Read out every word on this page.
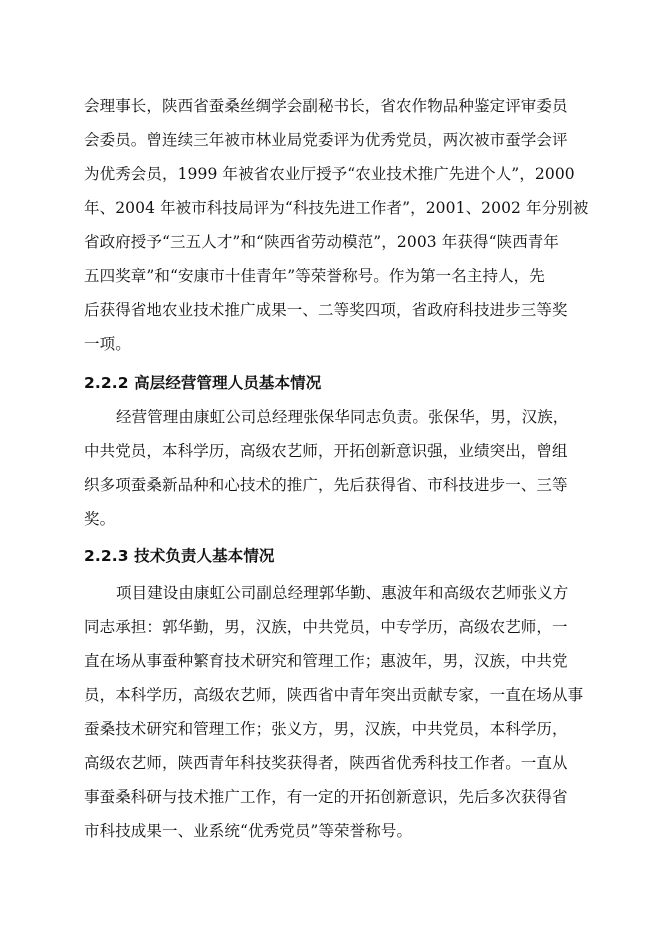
会理事长，陕西省蚕桑丝绸学会副秘书长，省农作物品种鉴定评审委员
会委员。曾连续三年被市林业局党委评为优秀党员，两次被市蚕学会评
为优秀会员，1999 年被省农业厅授予“农业技术推广先进个人”，2000
年、2004 年被市科技局评为“科技先进工作者”，2001、2002 年分别被
省政府授予“三五人才”和“陕西省劳动模范”，2003 年获得“陕西青年
五四奖章”和“安康市十佳青年”等荣誉称号。作为第一名主持人，先
后获得省地农业技术推广成果一、二等奖四项，省政府科技进步三等奖
一项。
2.2.2 高层经营管理人员基本情况
经营管理由康虹公司总经理张保华同志负责。张保华，男，汉族，
中共党员，本科学历，高级农艺师，开拓创新意识强，业绩突出，曾组
织多项蚕桑新品种和心技术的推广，先后获得省、市科技进步一、三等
奖。
2.2.3 技术负责人基本情况
项目建设由康虹公司副总经理郭华勤、惠波年和高级农艺师张义方
同志承担：郭华勤，男，汉族，中共党员，中专学历，高级农艺师，一
直在场从事蚕种繁育技术研究和管理工作；惠波年，男，汉族，中共党
员，本科学历，高级农艺师，陕西省中青年突出贡献专家，一直在场从事
蚕桑技术研究和管理工作；张义方，男，汉族，中共党员，本科学历，
高级农艺师，陕西青年科技奖获得者，陕西省优秀科技工作者。一直从
事蚕桑科研与技术推广工作，有一定的开拓创新意识，先后多次获得省
市科技成果一、业系统“优秀党员”等荣誉称号。
